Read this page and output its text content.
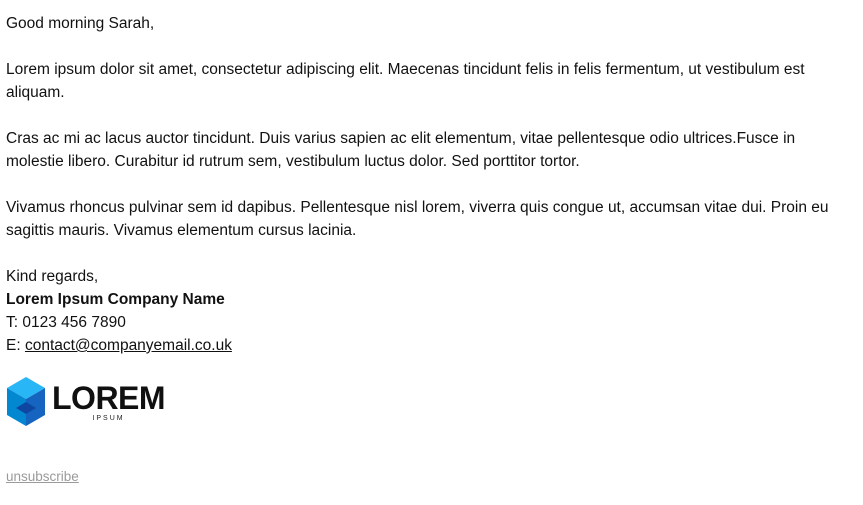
Good morning Sarah,

Lorem ipsum dolor sit amet, consectetur adipiscing elit. Maecenas tincidunt felis in felis fermentum, ut vestibulum est aliquam.

Cras ac mi ac lacus auctor tincidunt. Duis varius sapien ac elit elementum, vitae pellentesque odio ultrices.Fusce in molestie libero. Curabitur id rutrum sem, vestibulum luctus dolor. Sed porttitor tortor.

Vivamus rhoncus pulvinar sem id dapibus. Pellentesque nisl lorem, viverra quis congue ut, accumsan vitae dui. Proin eu sagittis mauris. Vivamus elementum cursus lacinia.

Kind regards,
Lorem Ipsum Company Name
T: 0123 456 7890
E: contact@companyemail.co.uk
LOREM
IPSUM
unsubscribe
